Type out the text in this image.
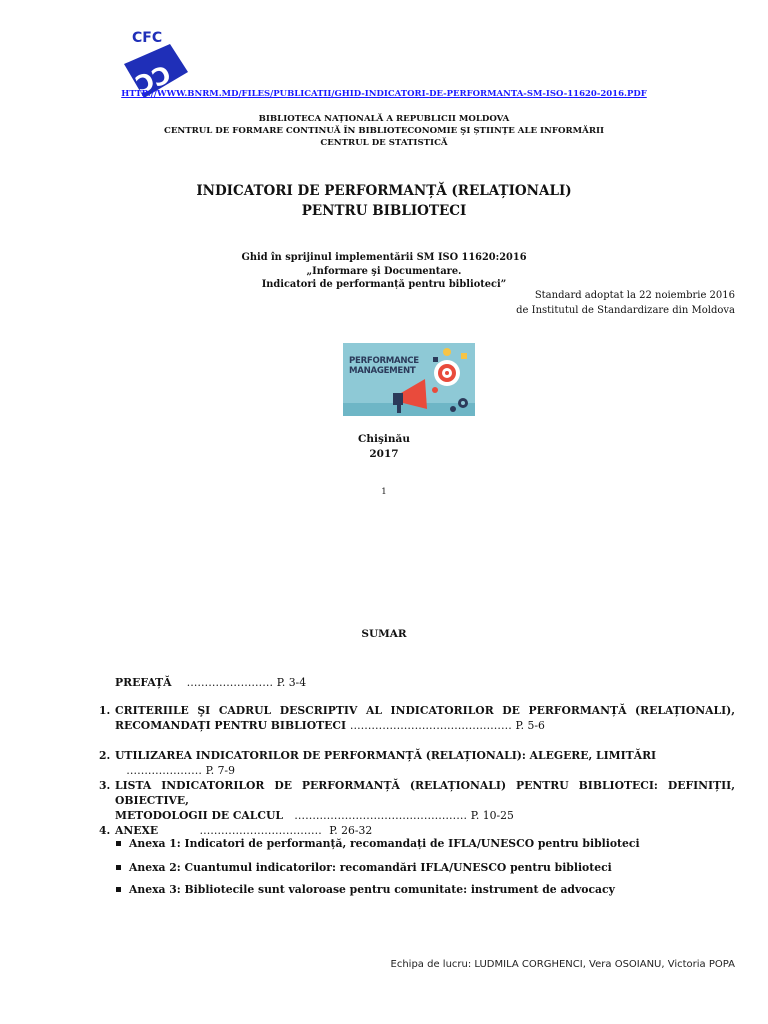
CFC
ƆƆ
HTTP://WWW.BNRM.MD/FILES/PUBLICATII/GHID-INDICATORI-DE-PERFORMANTA-SM-ISO-11620-2016.PDF
BIBLIOTECA NAȚIONALĂ A REPUBLICII MOLDOVA
CENTRUL DE FORMARE CONTINUĂ ÎN BIBLIOTECONOMIE ŞI ȘTIINȚE ALE INFORMĂRII
CENTRUL DE STATISTICĂ
INDICATORI DE PERFORMANȚĂ (RELAȚIONALI)
PENTRU BIBLIOTECI
Ghid în sprijinul implementării SM ISO 11620:2016
„Informare şi Documentare.
Indicatori de performanță pentru biblioteci”
Standard adoptat la 22 noiembrie 2016
de Institutul de Standardizare din Moldova
PERFORMANCE
MANAGEMENT
Chişinău
2017
1
SUMAR
PREFAȚĂ …………………… P. 3-4
1. CRITERIILE ŞI CADRUL DESCRIPTIV AL INDICATORILOR DE PERFORMANȚĂ (RELAȚIONALI),
RECOMANDAȚI PENTRU BIBLIOTECI ……………………………………… P. 5-6
2. UTILIZAREA INDICATORILOR DE PERFORMANȚĂ (RELAȚIONALI): ALEGERE, LIMITĂRI    ………………… P. 7-9
3. LISTA INDICATORILOR DE PERFORMANȚĂ (RELAȚIONALI) PENTRU BIBLIOTECI: DEFINIȚII, OBIECTIVE,
METODOLOGII DE CALCUL ………………………………………… P. 10-25
4. ANEXE	……………………………. P. 26-32
Anexa 1: Indicatori de performanță, recomandați de IFLA/UNESCO pentru biblioteci
Anexa 2: Cuantumul indicatorilor: recomandări IFLA/UNESCO pentru biblioteci
Anexa 3: Bibliotecile sunt valoroase pentru comunitate: instrument de advocacy
Echipa de lucru: LUDMILA CORGHENCI, Vera OSOIANU, Victoria POPA
